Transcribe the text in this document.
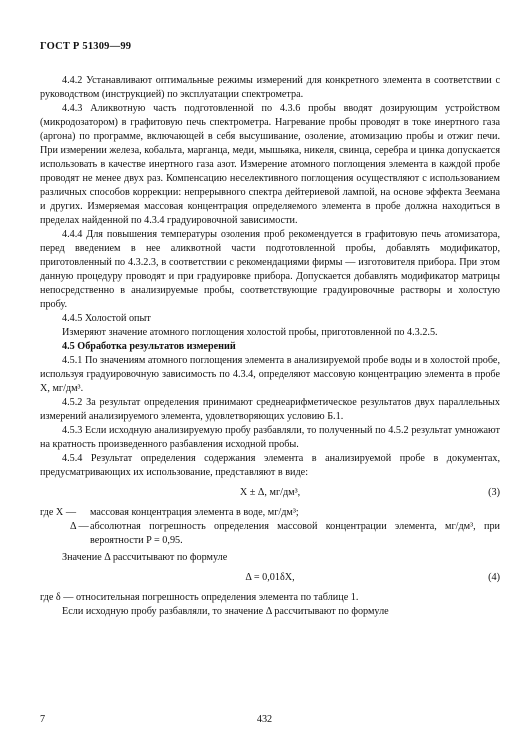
ГОСТ Р 51309—99

4.4.2 Устанавливают оптимальные режимы измерений для конкретного элемента в соответствии с руководством (инструкцией) по эксплуатации спектрометра.

4.4.3 Аликвотную часть подготовленной по 4.3.6 пробы вводят дозирующим устройством (микродозатором) в графитовую печь спектрометра. Нагревание пробы проводят в токе инертного газа (аргона) по программе, включающей в себя высушивание, озоление, атомизацию пробы и отжиг печи. При измерении железа, кобальта, марганца, меди, мышьяка, никеля, свинца, серебра и цинка допускается использовать в качестве инертного газа азот. Измерение атомного поглощения элемента в каждой пробе проводят не менее двух раз. Компенсацию неселективного поглощения осуществляют с использованием различных способов коррекции: непрерывного спектра дейтериевой лампой, на основе эффекта Зеемана и других. Измеряемая массовая концентрация определяемого элемента в пробе должна находиться в пределах найденной по 4.3.4 градуировочной зависимости.

4.4.4 Для повышения температуры озоления проб рекомендуется в графитовую печь атомизатора, перед введением в нее аликвотной части подготовленной пробы, добавлять модификатор, приготовленный по 4.3.2.3, в соответствии с рекомендациями фирмы — изготовителя прибора. При этом данную процедуру проводят и при градуировке прибора. Допускается добавлять модификатор матрицы непосредственно в анализируемые пробы, соответствующие градуировочные растворы и холостую пробу.

4.4.5 Холостой опыт

Измеряют значение атомного поглощения холостой пробы, приготовленной по 4.3.2.5.

4.5 Обработка результатов измерений

4.5.1 По значениям атомного поглощения элемента в анализируемой пробе воды и в холостой пробе, используя градуировочную зависимость по 4.3.4, определяют массовую концентрацию элемента в пробе X, мг/дм³.

4.5.2 За результат определения принимают среднеарифметическое результатов двух параллельных измерений анализируемого элемента, удовлетворяющих условию Б.1.

4.5.3 Если исходную анализируемую пробу разбавляли, то полученный по 4.5.2 результат умножают на кратность произведенного разбавления исходной пробы.

4.5.4 Результат определения содержания элемента в анализируемой пробе в документах, предусматривающих их использование, представляют в виде:

X ± Δ, мг/дм³,	(3)
где X —	массовая концентрация элемента в воде, мг/дм³;
Δ — абсолютная погрешность определения массовой концентрации элемента, мг/дм³, при вероятности P = 0,95.

Значение Δ рассчитывают по формуле

Δ = 0,01δX,	(4)

где δ — относительная погрешность определения элемента по таблице 1.

Если исходную пробу разбавляли, то значение Δ рассчитывают по формуле

7	432
